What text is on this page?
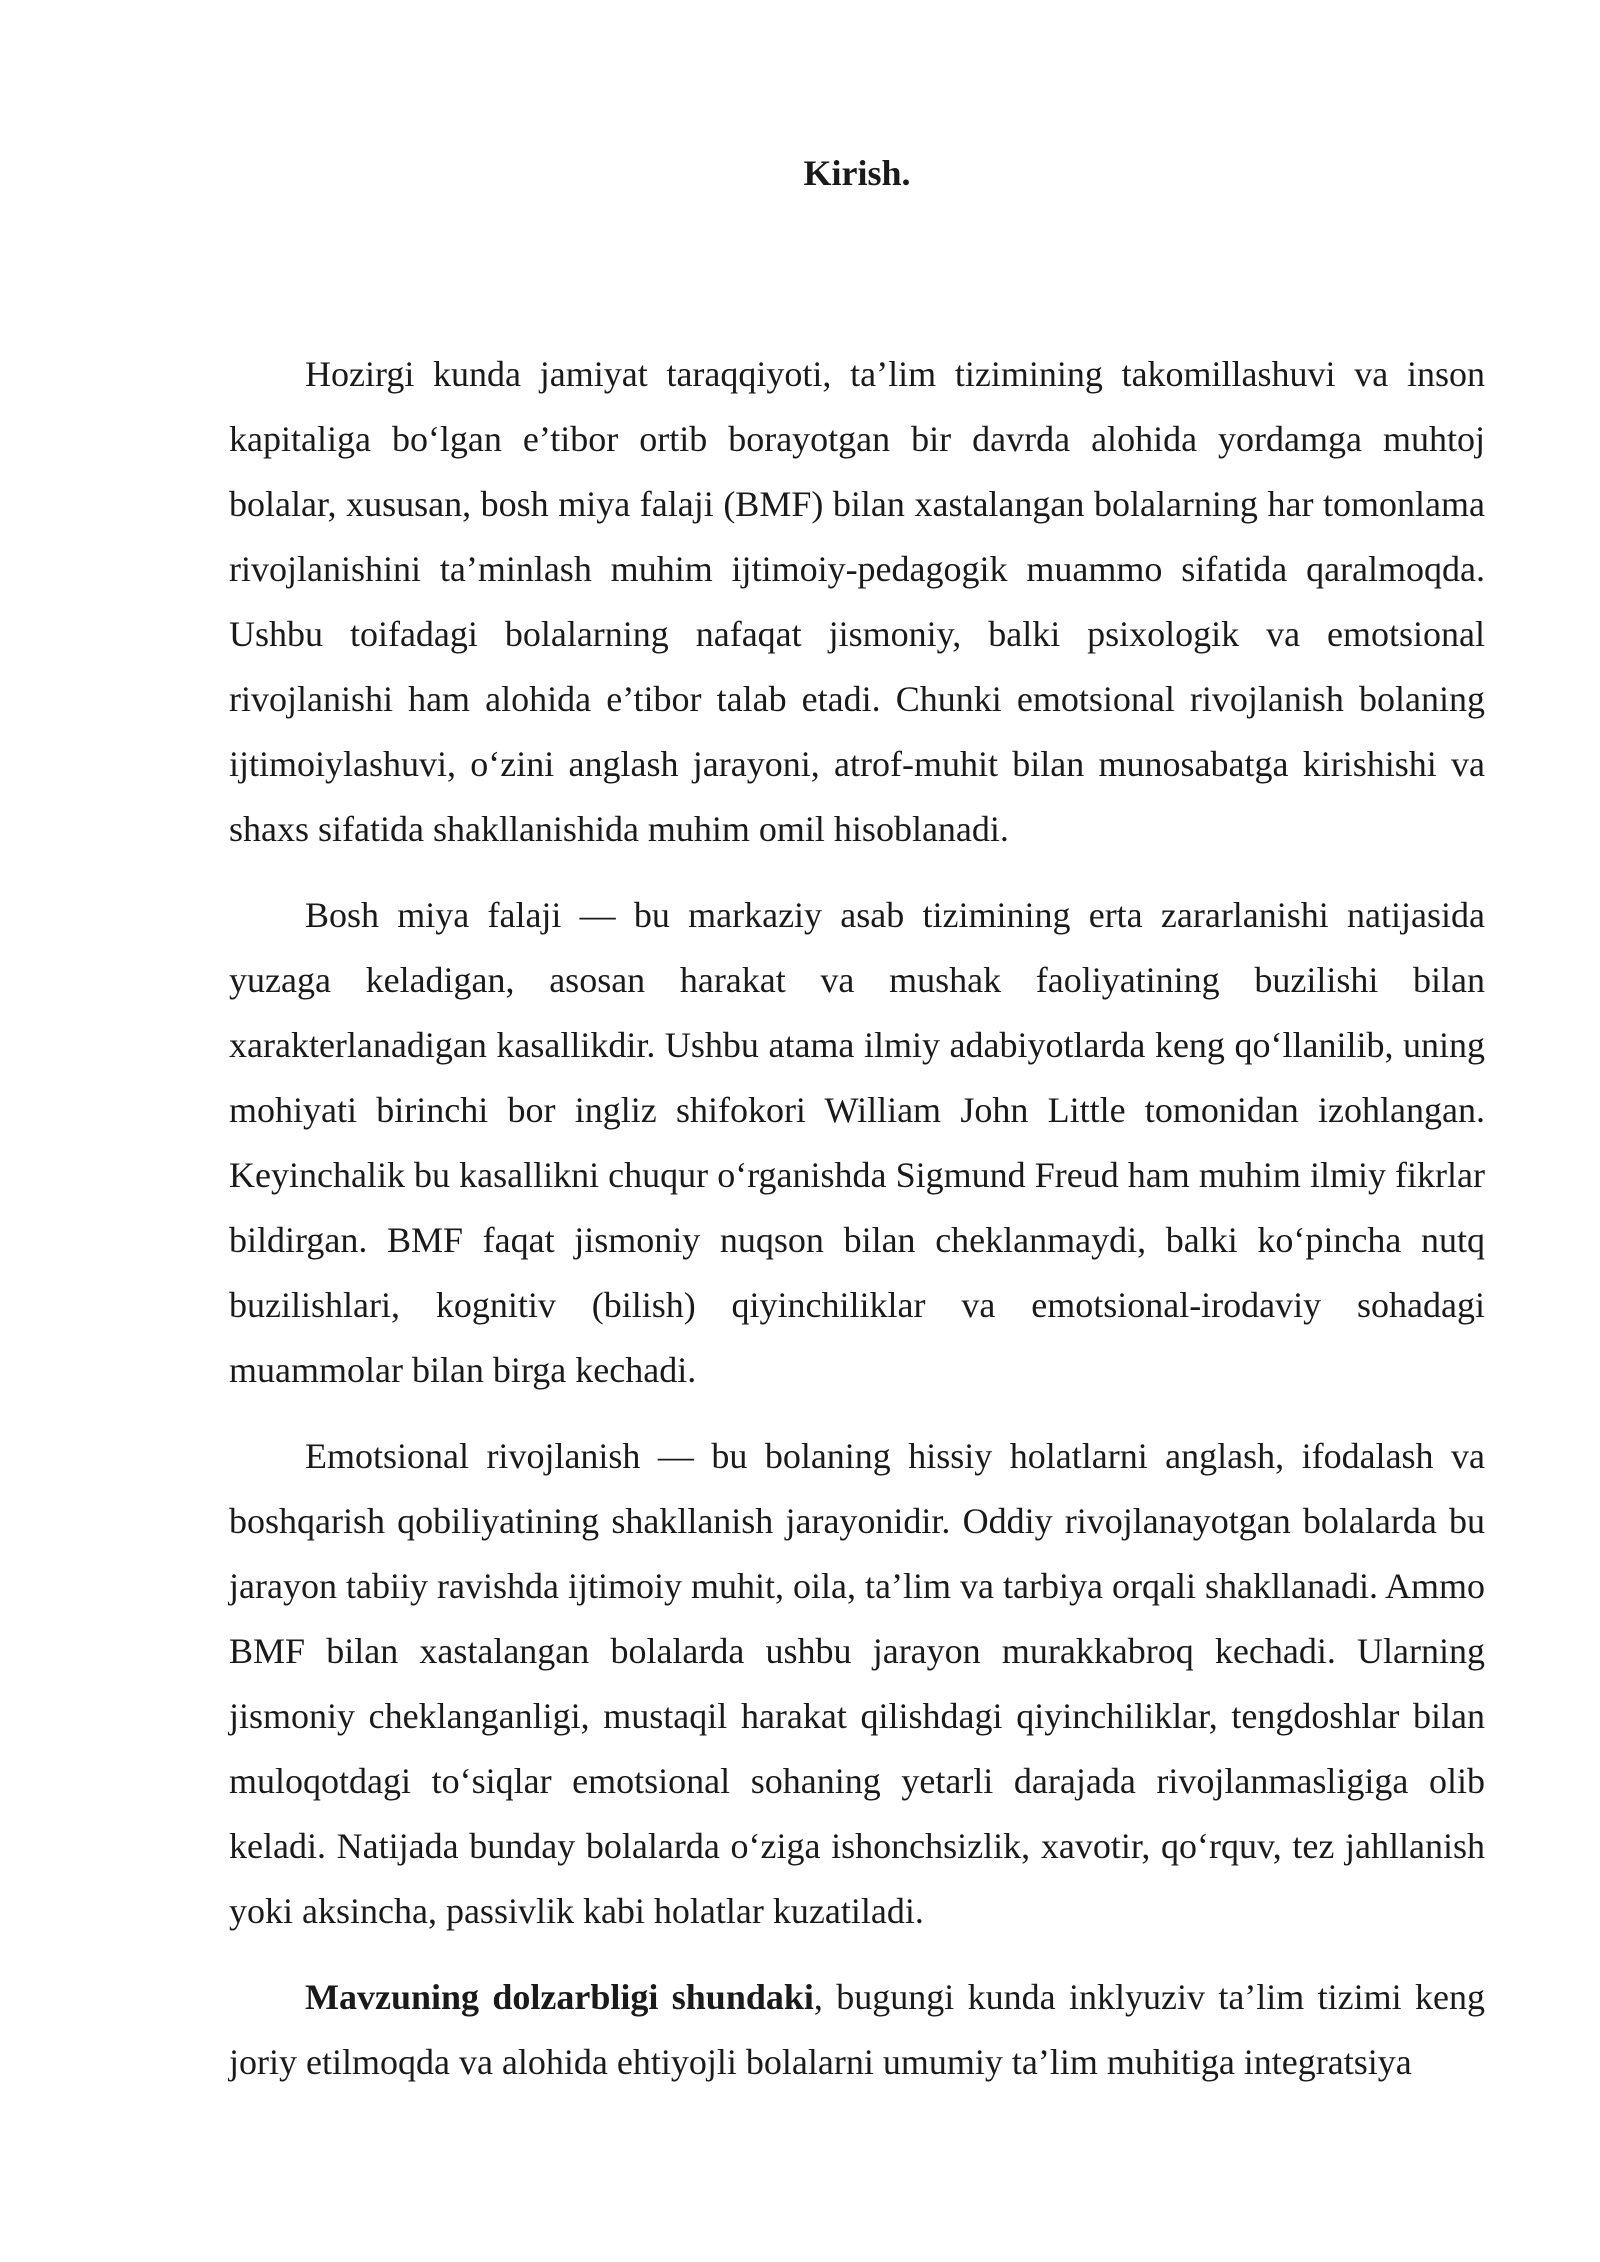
Kirish.

Hozirgi kunda jamiyat taraqqiyoti, ta’lim tizimining takomillashuvi va inson kapitaliga bo‘lgan e’tibor ortib borayotgan bir davrda alohida yordamga muhtoj bolalar, xususan, bosh miya falaji (BMF) bilan xastalangan bolalarning har tomonlama rivojlanishini ta’minlash muhim ijtimoiy-pedagogik muammo sifatida qaralmoqda. Ushbu toifadagi bolalarning nafaqat jismoniy, balki psixologik va emotsional rivojlanishi ham alohida e’tibor talab etadi. Chunki emotsional rivojlanish bolaning ijtimoiylashuvi, o‘zini anglash jarayoni, atrof-muhit bilan munosabatga kirishishi va shaxs sifatida shakllanishida muhim omil hisoblanadi.

Bosh miya falaji — bu markaziy asab tizimining erta zararlanishi natijasida yuzaga keladigan, asosan harakat va mushak faoliyatining buzilishi bilan xarakterlanadigan kasallikdir. Ushbu atama ilmiy adabiyotlarda keng qo‘llanilib, uning mohiyati birinchi bor ingliz shifokori William John Little tomonidan izohlangan. Keyinchalik bu kasallikni chuqur o‘rganishda Sigmund Freud ham muhim ilmiy fikrlar bildirgan. BMF faqat jismoniy nuqson bilan cheklanmaydi, balki ko‘pincha nutq buzilishlari, kognitiv (bilish) qiyinchiliklar va emotsional-irodaviy sohadagi muammolar bilan birga kechadi.

Emotsional rivojlanish — bu bolaning hissiy holatlarni anglash, ifodalash va boshqarish qobiliyatining shakllanish jarayonidir. Oddiy rivojlanayotgan bolalarda bu jarayon tabiiy ravishda ijtimoiy muhit, oila, ta’lim va tarbiya orqali shakllanadi. Ammo BMF bilan xastalangan bolalarda ushbu jarayon murakkabroq kechadi. Ularning jismoniy cheklanganligi, mustaqil harakat qilishdagi qiyinchiliklar, tengdoshlar bilan muloqotdagi to‘siqlar emotsional sohaning yetarli darajada rivojlanmasligiga olib keladi. Natijada bunday bolalarda o‘ziga ishonchsizlik, xavotir, qo‘rquv, tez jahllanish yoki aksincha, passivlik kabi holatlar kuzatiladi.

Mavzuning dolzarbligi shundaki, bugungi kunda inklyuziv ta’lim tizimi keng joriy etilmoqda va alohida ehtiyojli bolalarni umumiy ta’lim muhitiga integratsiya
